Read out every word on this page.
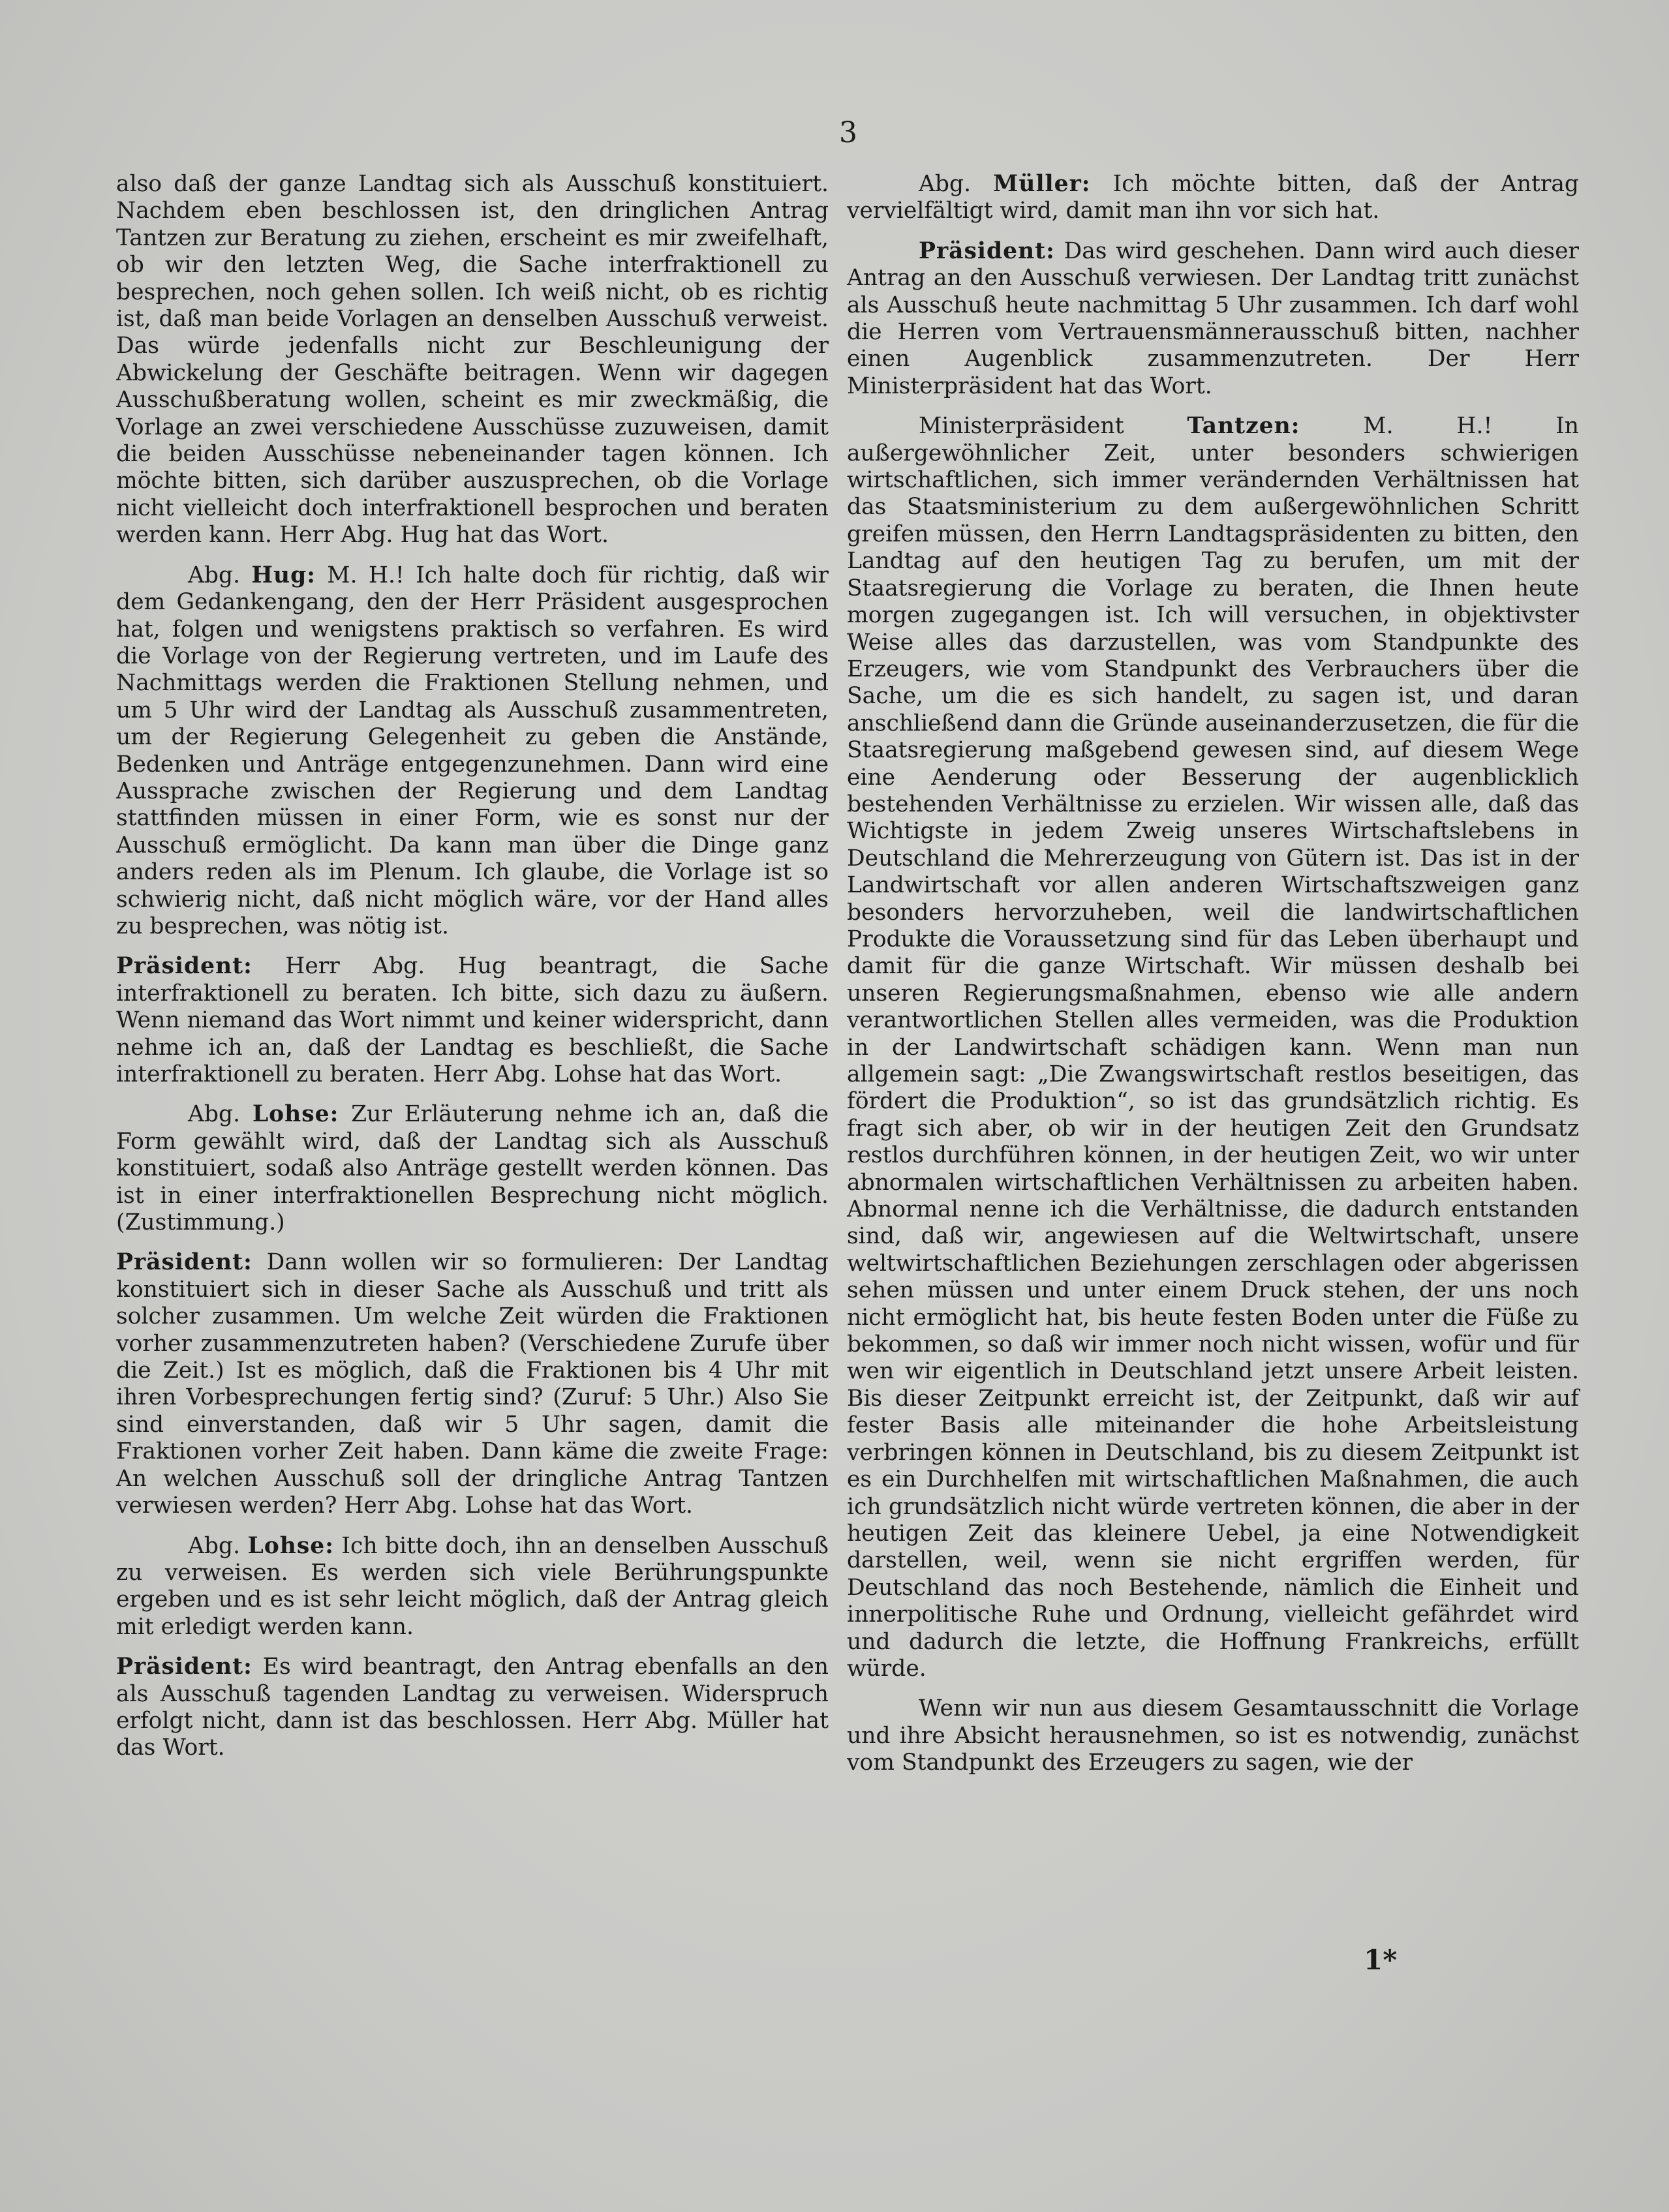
3

also daß der ganze Landtag sich als Ausschuß konstituiert. Nachdem eben beschlossen ist, den dringlichen Antrag Tantzen zur Beratung zu ziehen, erscheint es mir zweifelhaft, ob wir den letzten Weg, die Sache interfraktionell zu besprechen, noch gehen sollen. Ich weiß nicht, ob es richtig ist, daß man beide Vorlagen an denselben Ausschuß verweist. Das würde jedenfalls nicht zur Beschleunigung der Abwickelung der Geschäfte beitragen. Wenn wir dagegen Ausschußberatung wollen, scheint es mir zweckmäßig, die Vorlage an zwei verschiedene Ausschüsse zuzuweisen, damit die beiden Ausschüsse nebeneinander tagen können. Ich möchte bitten, sich darüber auszusprechen, ob die Vorlage nicht vielleicht doch interfraktionell besprochen und beraten werden kann. Herr Abg. Hug hat das Wort.

Abg. Hug: M. H.! Ich halte doch für richtig, daß wir dem Gedankengang, den der Herr Präsident ausgesprochen hat, folgen und wenigstens praktisch so verfahren. Es wird die Vorlage von der Regierung vertreten, und im Laufe des Nachmittags werden die Fraktionen Stellung nehmen, und um 5 Uhr wird der Landtag als Ausschuß zusammentreten, um der Regierung Gelegenheit zu geben die Anstände, Bedenken und Anträge entgegenzunehmen. Dann wird eine Aussprache zwischen der Regierung und dem Landtag stattfinden müssen in einer Form, wie es sonst nur der Ausschuß ermöglicht. Da kann man über die Dinge ganz anders reden als im Plenum. Ich glaube, die Vorlage ist so schwierig nicht, daß nicht möglich wäre, vor der Hand alles zu besprechen, was nötig ist.

Präsident: Herr Abg. Hug beantragt, die Sache interfraktionell zu beraten. Ich bitte, sich dazu zu äußern. Wenn niemand das Wort nimmt und keiner widerspricht, dann nehme ich an, daß der Landtag es beschließt, die Sache interfraktionell zu beraten. Herr Abg. Lohse hat das Wort.

Abg. Lohse: Zur Erläuterung nehme ich an, daß die Form gewählt wird, daß der Landtag sich als Ausschuß konstituiert, sodaß also Anträge gestellt werden können. Das ist in einer interfraktionellen Besprechung nicht möglich. (Zustimmung.)

Präsident: Dann wollen wir so formulieren: Der Landtag konstituiert sich in dieser Sache als Ausschuß und tritt als solcher zusammen. Um welche Zeit würden die Fraktionen vorher zusammenzutreten haben? (Verschiedene Zurufe über die Zeit.) Ist es möglich, daß die Fraktionen bis 4 Uhr mit ihren Vorbesprechungen fertig sind? (Zuruf: 5 Uhr.) Also Sie sind einverstanden, daß wir 5 Uhr sagen, damit die Fraktionen vorher Zeit haben. Dann käme die zweite Frage: An welchen Ausschuß soll der dringliche Antrag Tantzen verwiesen werden? Herr Abg. Lohse hat das Wort.

Abg. Lohse: Ich bitte doch, ihn an denselben Ausschuß zu verweisen. Es werden sich viele Berührungspunkte ergeben und es ist sehr leicht möglich, daß der Antrag gleich mit erledigt werden kann.

Präsident: Es wird beantragt, den Antrag ebenfalls an den als Ausschuß tagenden Landtag zu verweisen. Widerspruch erfolgt nicht, dann ist das beschlossen. Herr Abg. Müller hat das Wort.

Abg. Müller: Ich möchte bitten, daß der Antrag vervielfältigt wird, damit man ihn vor sich hat.

Präsident: Das wird geschehen. Dann wird auch dieser Antrag an den Ausschuß verwiesen. Der Landtag tritt zunächst als Ausschuß heute nachmittag 5 Uhr zusammen. Ich darf wohl die Herren vom Vertrauensmännerausschuß bitten, nachher einen Augenblick zusammenzutreten. Der Herr Ministerpräsident hat das Wort.

Ministerpräsident Tantzen: M. H.! In außergewöhnlicher Zeit, unter besonders schwierigen wirtschaftlichen, sich immer verändernden Verhältnissen hat das Staatsministerium zu dem außergewöhnlichen Schritt greifen müssen, den Herrn Landtagspräsidenten zu bitten, den Landtag auf den heutigen Tag zu berufen, um mit der Staatsregierung die Vorlage zu beraten, die Ihnen heute morgen zugegangen ist. Ich will versuchen, in objektivster Weise alles das darzustellen, was vom Standpunkte des Erzeugers, wie vom Standpunkt des Verbrauchers über die Sache, um die es sich handelt, zu sagen ist, und daran anschließend dann die Gründe auseinanderzusetzen, die für die Staatsregierung maßgebend gewesen sind, auf diesem Wege eine Aenderung oder Besserung der augenblicklich bestehenden Verhältnisse zu erzielen. Wir wissen alle, daß das Wichtigste in jedem Zweig unseres Wirtschaftslebens in Deutschland die Mehrerzeugung von Gütern ist. Das ist in der Landwirtschaft vor allen anderen Wirtschaftszweigen ganz besonders hervorzuheben, weil die landwirtschaftlichen Produkte die Voraussetzung sind für das Leben überhaupt und damit für die ganze Wirtschaft. Wir müssen deshalb bei unseren Regierungsmaßnahmen, ebenso wie alle andern verantwortlichen Stellen alles vermeiden, was die Produktion in der Landwirtschaft schädigen kann. Wenn man nun allgemein sagt: „Die Zwangswirtschaft restlos beseitigen, das fördert die Produktion“, so ist das grundsätzlich richtig. Es fragt sich aber, ob wir in der heutigen Zeit den Grundsatz restlos durchführen können, in der heutigen Zeit, wo wir unter abnormalen wirtschaftlichen Verhältnissen zu arbeiten haben. Abnormal nenne ich die Verhältnisse, die dadurch entstanden sind, daß wir, angewiesen auf die Weltwirtschaft, unsere weltwirtschaftlichen Beziehungen zerschlagen oder abgerissen sehen müssen und unter einem Druck stehen, der uns noch nicht ermöglicht hat, bis heute festen Boden unter die Füße zu bekommen, so daß wir immer noch nicht wissen, wofür und für wen wir eigentlich in Deutschland jetzt unsere Arbeit leisten. Bis dieser Zeitpunkt erreicht ist, der Zeitpunkt, daß wir auf fester Basis alle miteinander die hohe Arbeitsleistung verbringen können in Deutschland, bis zu diesem Zeitpunkt ist es ein Durchhelfen mit wirtschaftlichen Maßnahmen, die auch ich grundsätzlich nicht würde vertreten können, die aber in der heutigen Zeit das kleinere Uebel, ja eine Notwendigkeit darstellen, weil, wenn sie nicht ergriffen werden, für Deutschland das noch Bestehende, nämlich die Einheit und innerpolitische Ruhe und Ordnung, vielleicht gefährdet wird und dadurch die letzte, die Hoffnung Frankreichs, erfüllt würde.

Wenn wir nun aus diesem Gesamtausschnitt die Vorlage und ihre Absicht herausnehmen, so ist es notwendig, zunächst vom Standpunkt des Erzeugers zu sagen, wie der

1*
